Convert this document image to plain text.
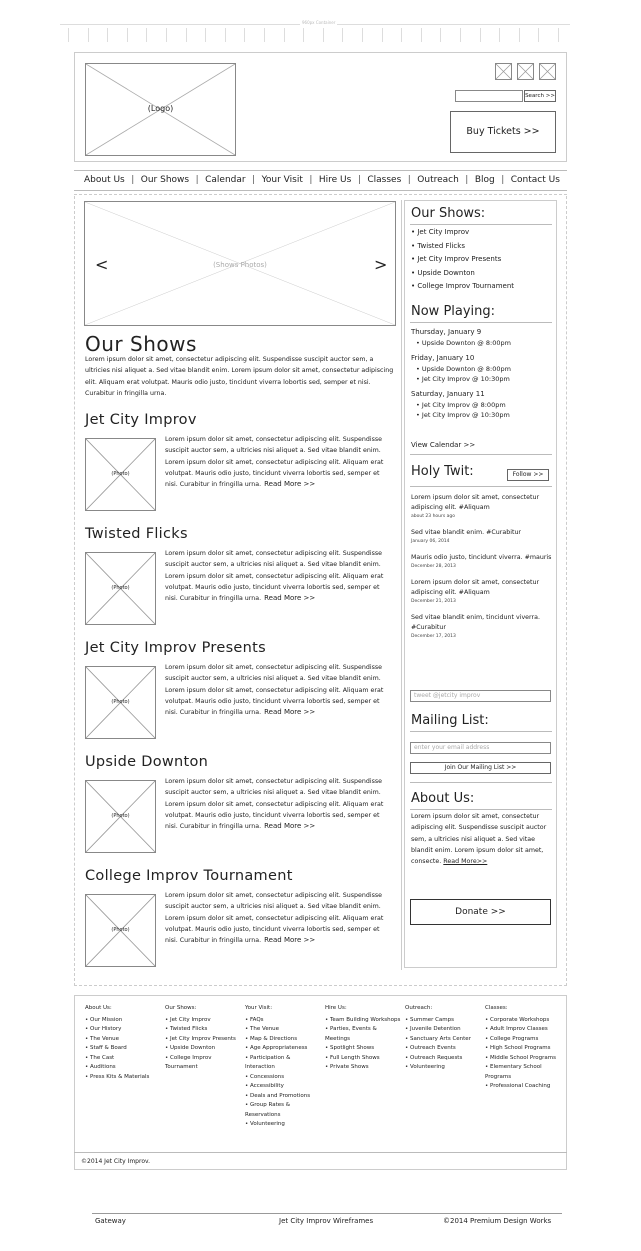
960px Container
(Logo)
Search >>
Buy Tickets >>
About Us | Our Shows | Calendar | Your Visit | Hire Us | Classes | Outreach | Blog | Contact Us
(Shows Photos)
<	>
Our Shows
Lorem ipsum dolor sit amet, consectetur adipiscing elit. Suspendisse suscipit auctor sem, a ultricies nisi aliquet a. Sed vitae blandit enim. Lorem ipsum dolor sit amet, consectetur adipiscing elit. Aliquam erat volutpat. Mauris odio justo, tincidunt viverra lobortis sed, semper et nisi. Curabitur in fringilla urna.
Jet City Improv
(Photo)
Lorem ipsum dolor sit amet, consectetur adipiscing elit. Suspendisse suscipit auctor sem, a ultricies nisi aliquet a. Sed vitae blandit enim. Lorem ipsum dolor sit amet, consectetur adipiscing elit. Aliquam erat volutpat. Mauris odio justo, tincidunt viverra lobortis sed, semper et nisi. Curabitur in fringilla urna. Read More >>
Twisted Flicks
(Photo)
Lorem ipsum dolor sit amet, consectetur adipiscing elit. Suspendisse suscipit auctor sem, a ultricies nisi aliquet a. Sed vitae blandit enim. Lorem ipsum dolor sit amet, consectetur adipiscing elit. Aliquam erat volutpat. Mauris odio justo, tincidunt viverra lobortis sed, semper et nisi. Curabitur in fringilla urna. Read More >>
Jet City Improv Presents
(Photo)
Lorem ipsum dolor sit amet, consectetur adipiscing elit. Suspendisse suscipit auctor sem, a ultricies nisi aliquet a. Sed vitae blandit enim. Lorem ipsum dolor sit amet, consectetur adipiscing elit. Aliquam erat volutpat. Mauris odio justo, tincidunt viverra lobortis sed, semper et nisi. Curabitur in fringilla urna. Read More >>
Upside Downton
(Photo)
Lorem ipsum dolor sit amet, consectetur adipiscing elit. Suspendisse suscipit auctor sem, a ultricies nisi aliquet a. Sed vitae blandit enim. Lorem ipsum dolor sit amet, consectetur adipiscing elit. Aliquam erat volutpat. Mauris odio justo, tincidunt viverra lobortis sed, semper et nisi. Curabitur in fringilla urna. Read More >>
College Improv Tournament
(Photo)
Lorem ipsum dolor sit amet, consectetur adipiscing elit. Suspendisse suscipit auctor sem, a ultricies nisi aliquet a. Sed vitae blandit enim. Lorem ipsum dolor sit amet, consectetur adipiscing elit. Aliquam erat volutpat. Mauris odio justo, tincidunt viverra lobortis sed, semper et nisi. Curabitur in fringilla urna. Read More >>
Our Shows:
• Jet City Improv
• Twisted Flicks
• Jet City Improv Presents
• Upside Downton
• College Improv Tournament
Now Playing:
Thursday, January 9
• Upside Downton @ 8:00pm
Friday, January 10
• Upside Downton @ 8:00pm
• Jet City Improv @ 10:30pm
Saturday, January 11
• Jet City Improv @ 8:00pm
• Jet City Improv @ 10:30pm
View Calendar >>
Holy Twit:	Follow >>
Lorem ipsum dolor sit amet, consectetur adipiscing elit. #Aliquam
about 23 hours ago
Sed vitae blandit enim. #Curabitur
January 06, 2014
Mauris odio justo, tincidunt viverra. #mauris
December 28, 2013
Lorem ipsum dolor sit amet, consectetur adipiscing elit. #Aliquam
December 21, 2013
Sed vitae blandit enim, tincidunt viverra. #Curabitur
December 17, 2013
tweet @jetcity improv
Mailing List:
enter your email address
Join Our Mailing List >>
About Us:
Lorem ipsum dolor sit amet, consectetur adipiscing elit. Suspendisse suscipit auctor sem, a ultricies nisi aliquet a. Sed vitae blandit enim. Lorem ipsum dolor sit amet, consecte. Read More>>
Donate >>
About Us:
• Our Mission
• Our History
• The Venue
• Staff & Board
• The Cast
• Auditions
• Press Kits & Materials
Our Shows:
• Jet City Improv
• Twisted Flicks
• Jet City Improv Presents
• Upside Downton
• College Improv Tournament
Your Visit:
• FAQs
• The Venue
• Map & Directions
• Age Appropriateness
• Participation & Interaction
• Concessions
• Accessibility
• Deals and Promotions
• Group Rates & Reservations
• Volunteering
Hire Us:
• Team Building Workshops
• Parties, Events & Meetings
• Spotlight Shows
• Full Length Shows
• Private Shows
Outreach:
• Summer Camps
• Juvenile Detention
• Sanctuary Arts Center
• Outreach Events
• Outreach Requests
• Volunteering
Classes:
• Corporate Workshops
• Adult Improv Classes
• College Programs
• High School Programs
• Middle School Programs
• Elementary School Programs
• Professional Coaching
©2014 Jet City Improv.
Gateway	Jet City Improv Wireframes	©2014 Premium Design Works
